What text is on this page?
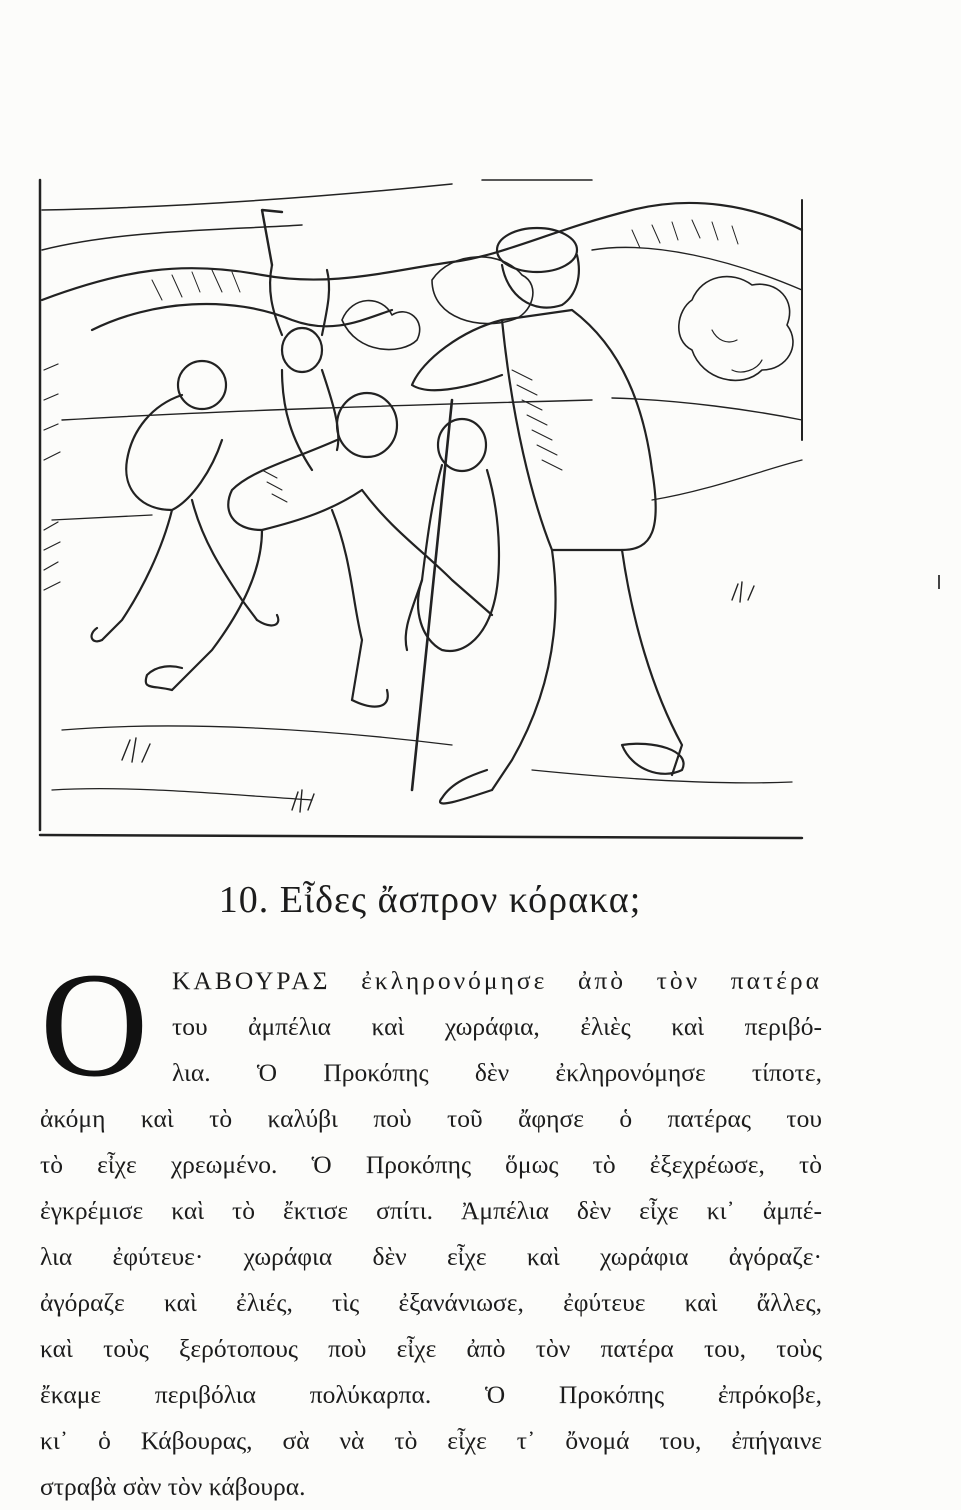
10. Εἶδες ἄσπρον κόρακα;
Ο ΚΑΒΟΥΡΑΣ ἐκληρονόμησε ἀπὸ τὸν πατέρα
του ἀμπέλια καὶ χωράφια, ἐλιὲς καὶ περιβό-
λια. Ὁ Προκόπης δὲν ἐκληρονόμησε τίποτε,
ἀκόμη καὶ τὸ καλύβι ποὺ τοῦ ἄφησε ὁ πατέρας του
τὸ εἶχε χρεωμένο. Ὁ Προκόπης ὅμως τὸ ἐξεχρέωσε, τὸ
ἐγκρέμισε καὶ τὸ ἔκτισε σπίτι. Ἀμπέλια δὲν εἶχε κι᾽ ἀμπέ-
λια ἐφύτευε· χωράφια δὲν εἶχε καὶ χωράφια ἀγόραζε·
ἀγόραζε καὶ ἐλιές, τὶς ἐξανάνιωσε, ἐφύτευε καὶ ἄλλες,
καὶ τοὺς ξερότοπους ποὺ εἶχε ἀπὸ τὸν πατέρα του, τοὺς
ἔκαμε περιβόλια πολύκαρπα. Ὁ Προκόπης ἐπρόκοβε,
κι᾽ ὁ Κάβουρας, σὰ νὰ τὸ εἶχε τ᾽ ὄνομά του, ἐπήγαινε
στραβὰ σὰν τὸν κάβουρα.
